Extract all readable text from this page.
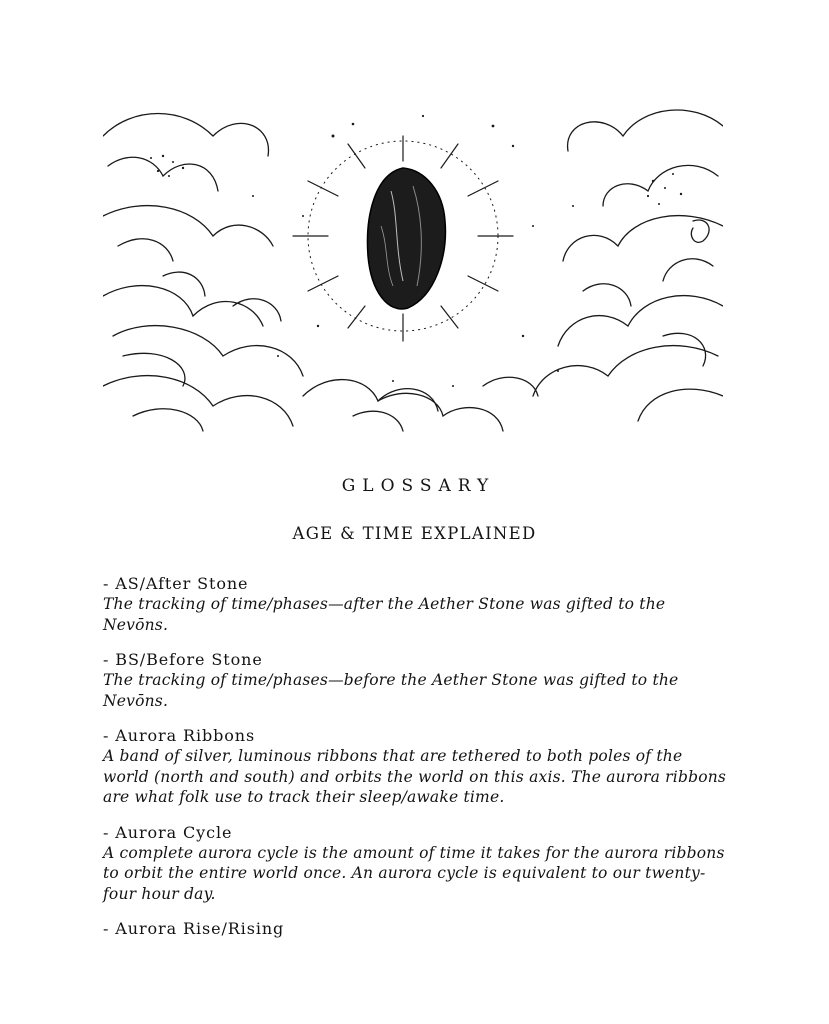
GLOSSARY
AGE & TIME EXPLAINED
- AS/After Stone
The tracking of time/phases—after the Aether Stone was gifted to the Nevōns.
- BS/Before Stone
The tracking of time/phases—before the Aether Stone was gifted to the Nevōns.
- Aurora Ribbons
A band of silver, luminous ribbons that are tethered to both poles of the world (north and south) and orbits the world on this axis. The aurora ribbons are what folk use to track their sleep/awake time.
- Aurora Cycle
A complete aurora cycle is the amount of time it takes for the aurora ribbons to orbit the entire world once. An aurora cycle is equivalent to our twenty-four hour day.
- Aurora Rise/Rising
